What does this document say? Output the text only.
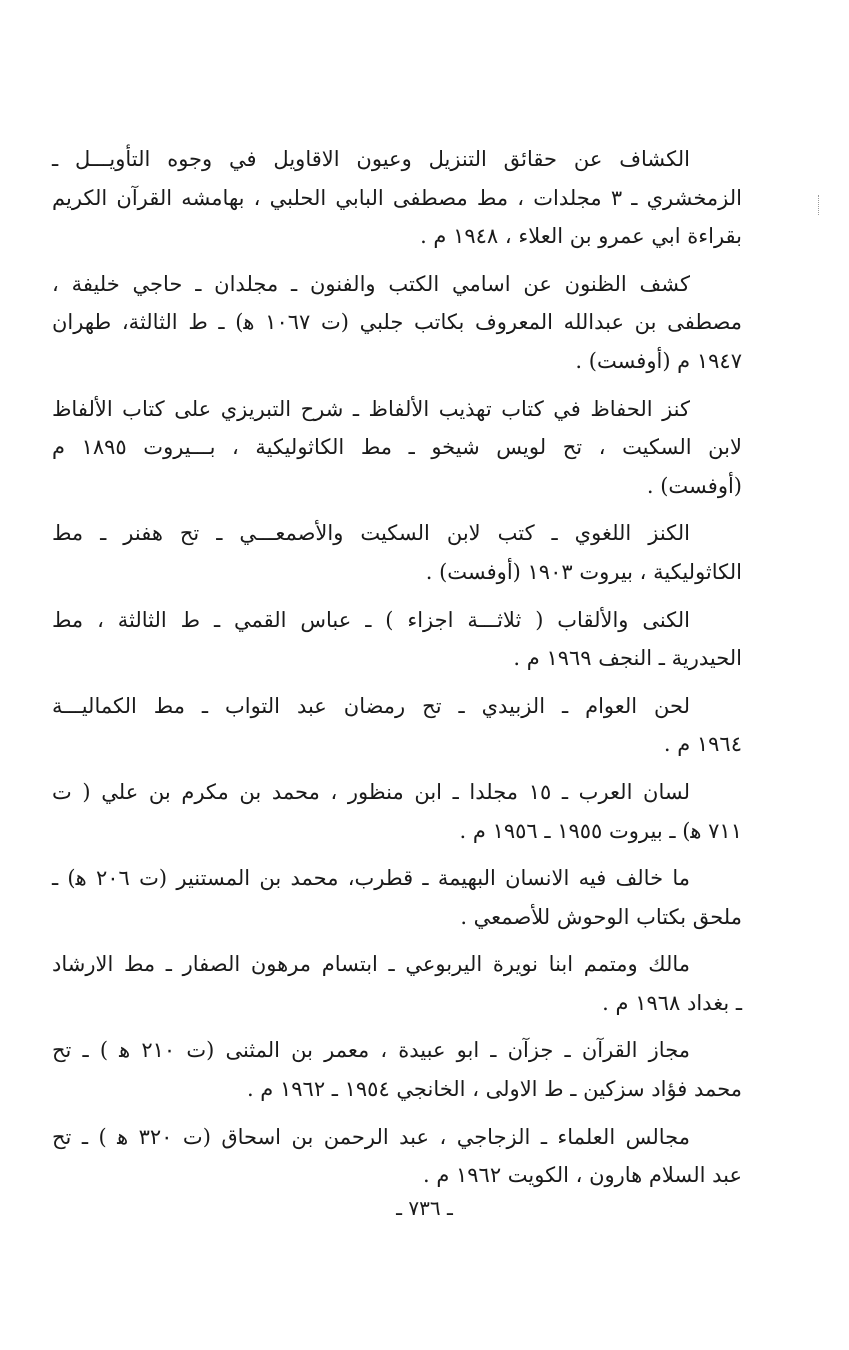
الكشاف عن حقائق التنزيل وعيون الاقاويل في وجوه التأويـــل ـ
الزمخشري ـ ٣ مجلدات ، مط مصطفى البابي الحلبي ، بهامشه القرآن الكريم
بقراءة ابي عمرو بن العلاء ، ١٩٤٨ م .
كشف الظنون عن اسامي الكتب والفنون ـ مجلدان ـ حاجي خليفة ،
مصطفى بن عبدالله المعروف بكاتب جلبي (ت ١٠٦٧ ﻫ) ـ ط الثالثة، طهران
١٩٤٧ م (أوفست) .
كنز الحفاظ في كتاب تهذيب الألفاظ ـ شرح التبريزي على كتاب الألفاظ
لابن السكيت ، تح لويس شيخو ـ مط الكاثوليكية ، بـــيروت ١٨٩٥ م
(أوفست) .
الكنز اللغوي ـ كتب لابن السكيت والأصمعـــي ـ تح هفنر ـ مط
الكاثوليكية ، بيروت ١٩٠٣ (أوفست) .
الكنى والألقاب ( ثلاثـــة اجزاء ) ـ عباس القمي ـ ط الثالثة ، مط
الحيدرية ـ النجف ١٩٦٩ م .
لحن العوام ـ الزبيدي ـ تح رمضان عبد التواب ـ مط الكماليـــة
١٩٦٤ م .
لسان العرب ـ ١٥ مجلدا ـ ابن منظور ، محمد بن مكرم بن علي ( ت
٧١١ ﻫ) ـ بيروت ١٩٥٥ ـ ١٩٥٦ م .
ما خالف فيه الانسان البهيمة ـ قطرب، محمد بن المستنير (ت ٢٠٦ ﻫ) ـ
ملحق بكتاب الوحوش للأصمعي .
مالك ومتمم ابنا نويرة اليربوعي ـ ابتسام مرهون الصفار ـ مط الارشاد
ـ بغداد ١٩٦٨ م .
مجاز القرآن ـ جزآن ـ ابو عبيدة ، معمر بن المثنى (ت ٢١٠ ﻫ ) ـ تح
محمد فؤاد سزكين ـ ط الاولى ، الخانجي ١٩٥٤ ـ ١٩٦٢ م .
مجالس العلماء ـ الزجاجي ، عبد الرحمن بن اسحاق (ت ٣٢٠ ﻫ ) ـ تح
عبد السلام هارون ، الكويت ١٩٦٢ م .
ـ ٧٣٦ ـ
